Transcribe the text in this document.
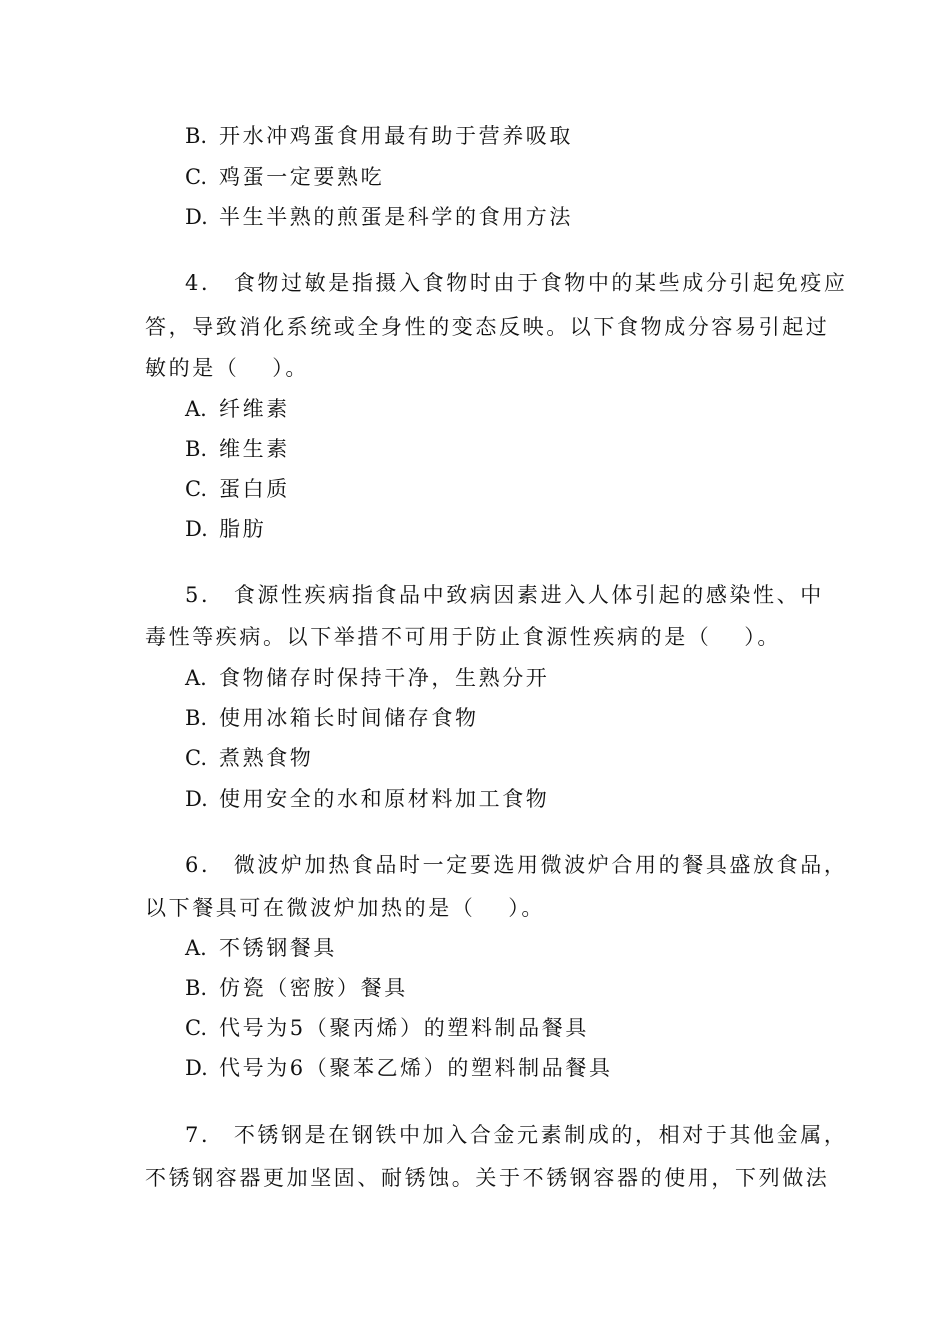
B. 开水冲鸡蛋食用最有助于营养吸取
C. 鸡蛋一定要熟吃
D. 半生半熟的煎蛋是科学的食用方法
4． 食物过敏是指摄入食物时由于食物中的某些成分引起免疫应
答，导致消化系统或全身性的变态反映。以下食物成分容易引起过
敏的是（　 ）。
A. 纤维素
B. 维生素
C. 蛋白质
D. 脂肪
5． 食源性疾病指食品中致病因素进入人体引起的感染性、中
毒性等疾病。以下举措不可用于防止食源性疾病的是（　 ）。
A. 食物储存时保持干净，生熟分开
B. 使用冰箱长时间储存食物
C. 煮熟食物
D. 使用安全的水和原材料加工食物
6． 微波炉加热食品时一定要选用微波炉合用的餐具盛放食品，
以下餐具可在微波炉加热的是（　 ）。
A. 不锈钢餐具
B. 仿瓷（密胺）餐具
C. 代号为5（聚丙烯）的塑料制品餐具
D. 代号为6（聚苯乙烯）的塑料制品餐具
7． 不锈钢是在钢铁中加入合金元素制成的，相对于其他金属，
不锈钢容器更加坚固、耐锈蚀。关于不锈钢容器的使用，下列做法
